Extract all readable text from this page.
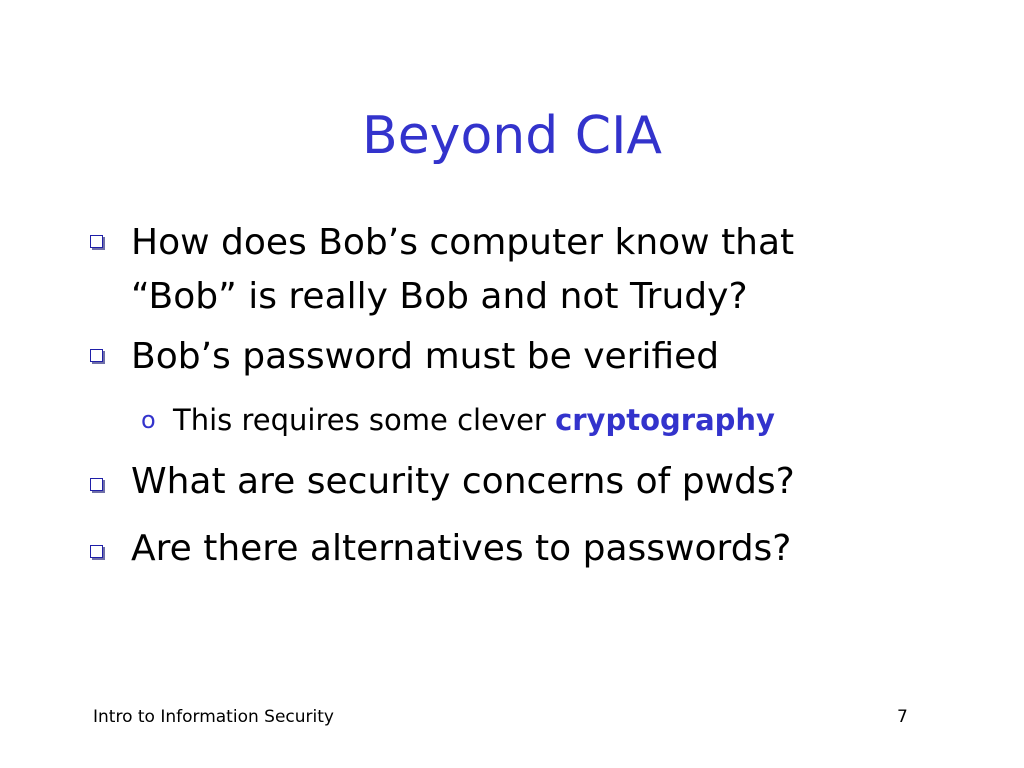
Beyond CIA
How does Bob’s computer know that
“Bob” is really Bob and not Trudy?
Bob’s password must be verified
o This requires some clever cryptography
What are security concerns of pwds?
Are there alternatives to passwords?
Intro to Information Security	7
